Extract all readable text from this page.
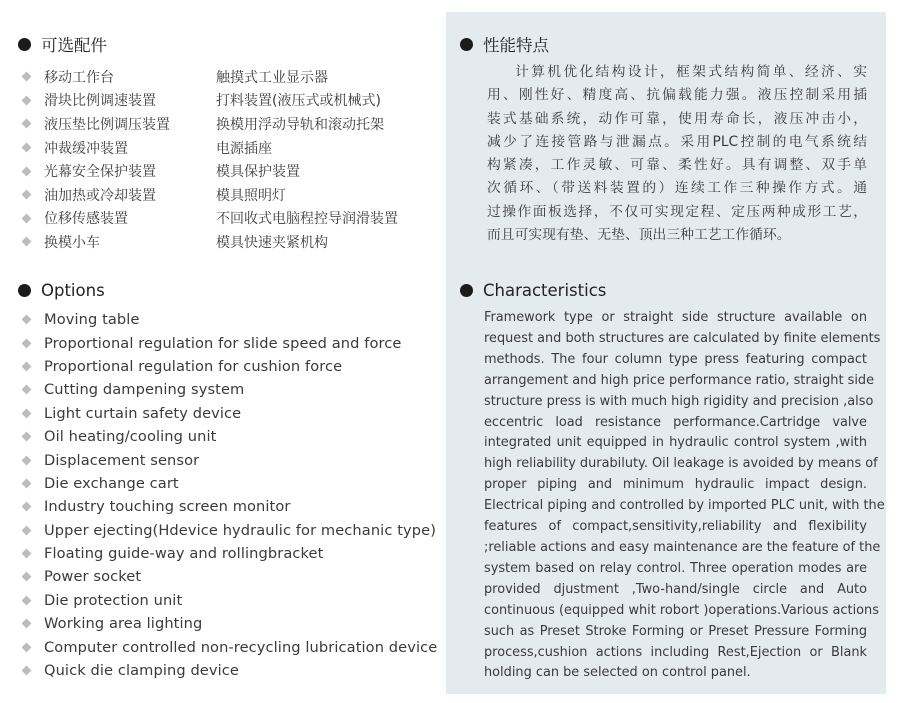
可选配件
移动工作台
滑块比例调速装置
液压垫比例调压装置
冲裁缓冲装置
光幕安全保护装置
油加热或冷却装置
位移传感装置
换模小车
触摸式工业显示器
打料装置(液压式或机械式)
换模用浮动导轨和滚动托架
电源插座
模具保护装置
模具照明灯
不回收式电脑程控导润滑装置
模具快速夹紧机构
Options
Moving table
Proportional regulation for slide speed and force
Proportional regulation for cushion force
Cutting dampening system
Light curtain safety device
Oil heating/cooling unit
Displacement sensor
Die exchange cart
Industry touching screen monitor
Upper ejecting(Hdevice hydraulic for mechanic type)
Floating guide-way and rollingbracket
Power socket
Die protection unit
Working area lighting
Computer controlled non-recycling lubrication device
Quick die clamping device
性能特点
计算机优化结构设计，框架式结构简单、经济、实
用、刚性好、精度高、抗偏载能力强。液压控制采用插
装式基础系统，动作可靠，使用寿命长，液压冲击小，
减少了连接管路与泄漏点。采用PLC控制的电气系统结
构紧凑，工作灵敏、可靠、柔性好。具有调整、双手单
次循环、（带送料装置的）连续工作三种操作方式。通
过操作面板选择，不仅可实现定程、定压两种成形工艺，
而且可实现有垫、无垫、顶出三种工艺工作循环。
Characteristics
Framework type or straight side structure available on
request and both structures are calculated by finite elements
methods. The four column type press featuring compact
arrangement and high price performance ratio, straight side
structure press is with much high rigidity and precision ,also
eccentric load resistance performance.Cartridge valve
integrated unit equipped in hydraulic control system ,with
high reliability durabiluty. Oil leakage is avoided by means of
proper piping and minimum hydraulic impact design.
Electrical piping and controlled by imported PLC unit, with the
features of compact,sensitivity,reliability and flexibility
;reliable actions and easy maintenance are the feature of the
system based on relay control. Three operation modes are
provided djustment ,Two-hand/single circle and Auto
continuous (equipped whit robort )operations.Various actions
such as Preset Stroke Forming or Preset Pressure Forming
process,cushion actions including Rest,Ejection or Blank
holding can be selected on control panel.
